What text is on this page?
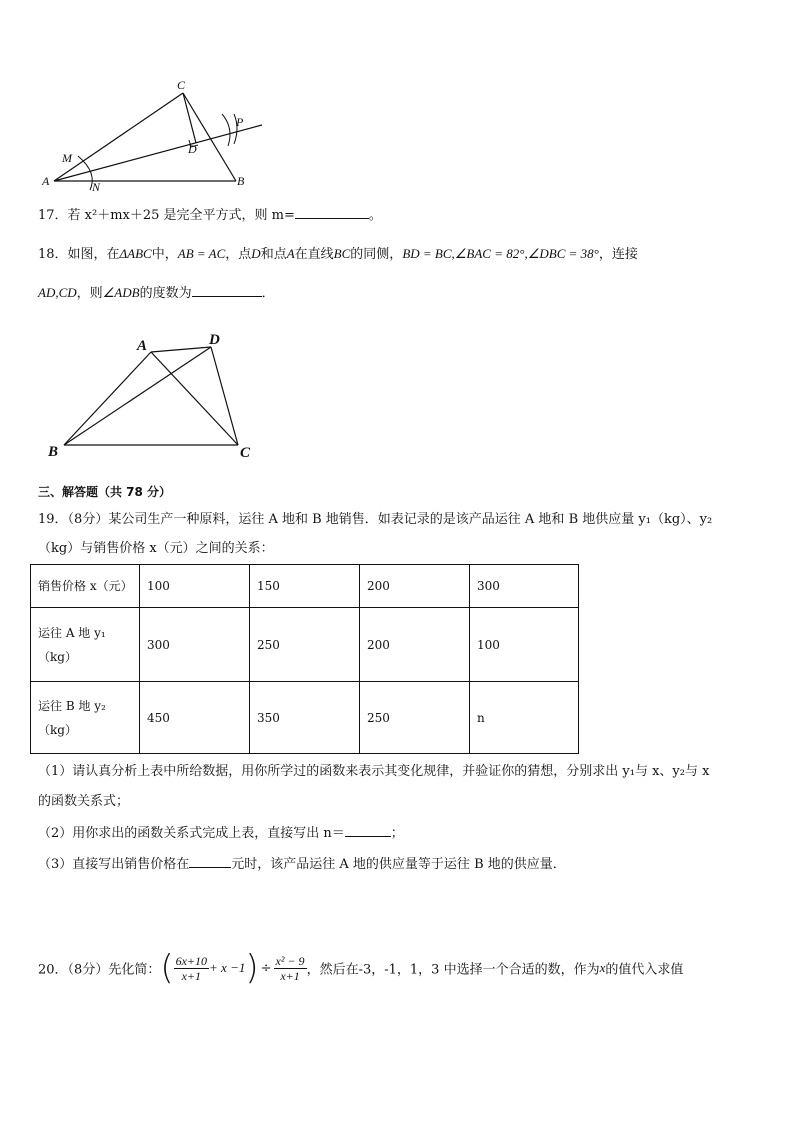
C
P
M
D
A	N	B
17．若 x²＋mx＋25 是完全平方式，则 m=	。
18．如图，在ΔABC中，AB = AC，点D和点A在直线BC的同侧，BD = BC,∠BAC = 82°,∠DBC = 38°，连接
AD,CD，则∠ADB的度数为	．
A	D
B	C
三、解答题（共 78 分）
19．（8分）某公司生产一种原料，运往 A 地和 B 地销售．如表记录的是该产品运往 A 地和 B 地供应量 y₁（kg）、y₂
（kg）与销售价格 x（元）之间的关系：
销售价格 x（元）	100	150	200	300
运往 A 地 y₁
（kg）	300	250	200	100
运往 B 地 y₂
（kg）	450	350	250	n
（1）请认真分析上表中所给数据，用你所学过的函数来表示其变化规律，并验证你的猜想，分别求出 y₁与 x、y₂与 x
的函数关系式；
（2）用你求出的函数关系式完成上表，直接写出 n＝	；
（3）直接写出销售价格在	元时，该产品运往 A 地的供应量等于运往 B 地的供应量．
20．（8分）先化简：( $\frac{6x+10}{x+1} + x -1) \div \frac{\text{x² − 9}}{x+1}$ ，然后在-3，-1，1，3 中选择一个合适的数，作为x的值代入求值
